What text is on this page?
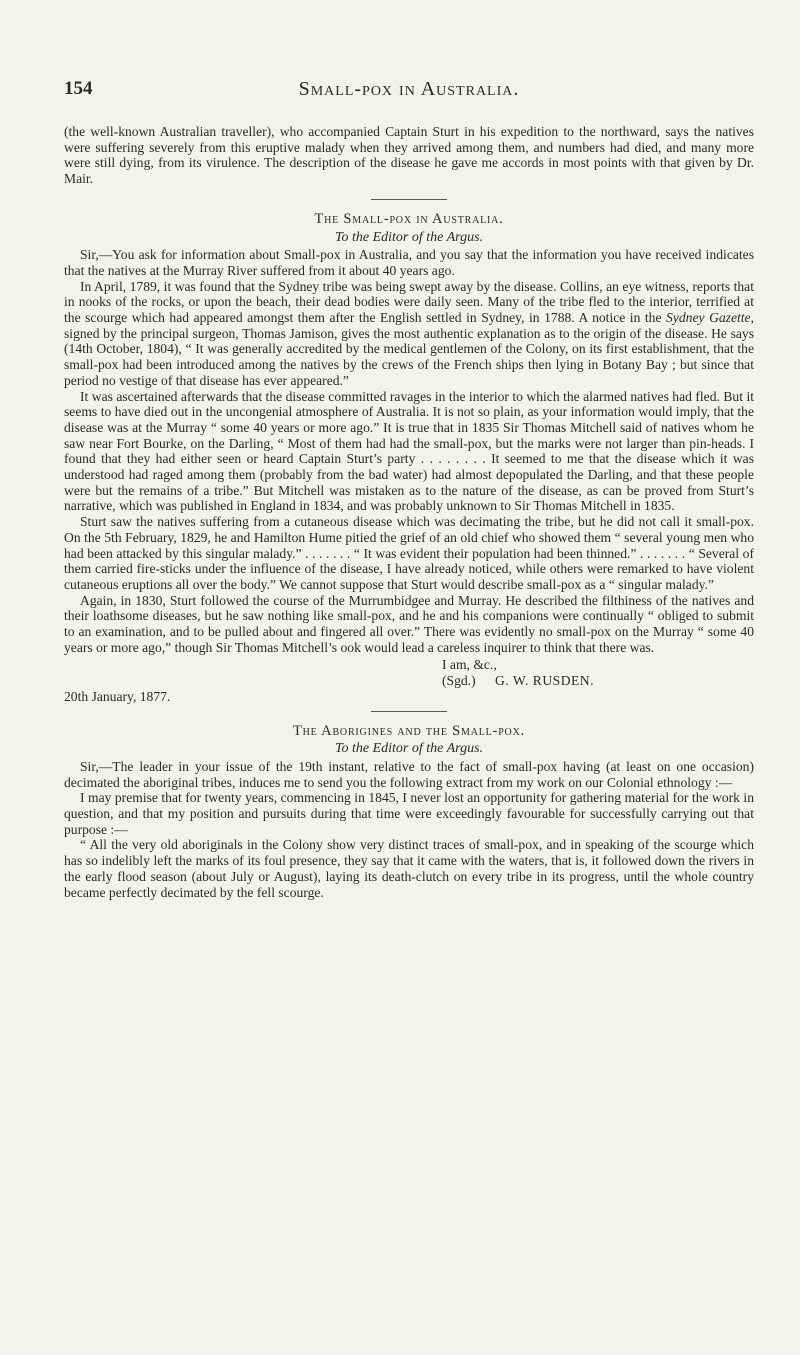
154	Small-pox in Australia.

(the well-known Australian traveller), who accompanied Captain Sturt in his expedition to the northward, says the natives were suffering severely from this eruptive malady when they arrived among them, and numbers had died, and many more were still dying, from its virulence. The description of the disease he gave me accords in most points with that given by Dr. Mair.

The Small-pox in Australia.
To the Editor of the Argus.

Sir,—You ask for information about Small-pox in Australia, and you say that the information you have received indicates that the natives at the Murray River suffered from it about 40 years ago.

In April, 1789, it was found that the Sydney tribe was being swept away by the disease. Collins, an eye witness, reports that in nooks of the rocks, or upon the beach, their dead bodies were daily seen. Many of the tribe fled to the interior, terrified at the scourge which had appeared amongst them after the English settled in Sydney, in 1788. A notice in the Sydney Gazette, signed by the principal surgeon, Thomas Jamison, gives the most authentic explanation as to the origin of the disease. He says (14th October, 1804), “ It was generally accredited by the medical gentlemen of the Colony, on its first establishment, that the small-pox had been introduced among the natives by the crews of the French ships then lying in Botany Bay ; but since that period no vestige of that disease has ever appeared.”

It was ascertained afterwards that the disease committed ravages in the interior to which the alarmed natives had fled. But it seems to have died out in the uncongenial atmosphere of Australia. It is not so plain, as your information would imply, that the disease was at the Murray “ some 40 years or more ago.” It is true that in 1835 Sir Thomas Mitchell said of natives whom he saw near Fort Bourke, on the Darling, “ Most of them had had the small-pox, but the marks were not larger than pin-heads. I found that they had either seen or heard Captain Sturt’s party . . . . . . . . It seemed to me that the disease which it was understood had raged among them (probably from the bad water) had almost depopulated the Darling, and that these people were but the remains of a tribe.” But Mitchell was mistaken as to the nature of the disease, as can be proved from Sturt’s narrative, which was published in England in 1834, and was probably unknown to Sir Thomas Mitchell in 1835.

Sturt saw the natives suffering from a cutaneous disease which was decimating the tribe, but he did not call it small-pox. On the 5th February, 1829, he and Hamilton Hume pitied the grief of an old chief who showed them “ several young men who had been attacked by this singular malady.” . . . . . . . “ It was evident their population had been thinned.” . . . . . . . “ Several of them carried fire-sticks under the influence of the disease, I have already noticed, while others were remarked to have violent cutaneous eruptions all over the body.” We cannot suppose that Sturt would describe small-pox as a “ singular malady.”

Again, in 1830, Sturt followed the course of the Murrumbidgee and Murray. He described the filthiness of the natives and their loathsome diseases, but he saw nothing like small-pox, and he and his companions were continually “ obliged to submit to an examination, and to be pulled about and fingered all over.” There was evidently no small-pox on the Murray “ some 40 years or more ago,” though Sir Thomas Mitchell’s ook would lead a careless inquirer to think that there was.

I am, &c.,
(Sgd.) G. W. RUSDEN.
20th January, 1877.
The Aborigines and the Small-pox.
To the Editor of the Argus.

Sir,—The leader in your issue of the 19th instant, relative to the fact of small-pox having (at least on one occasion) decimated the aboriginal tribes, induces me to send you the following extract from my work on our Colonial ethnology :—

I may premise that for twenty years, commencing in 1845, I never lost an opportunity for gathering material for the work in question, and that my position and pursuits during that time were exceedingly favourable for successfully carrying out that purpose :—

“ All the very old aboriginals in the Colony show very distinct traces of small-pox, and in speaking of the scourge which has so indelibly left the marks of its foul presence, they say that it came with the waters, that is, it followed down the rivers in the early flood season (about July or August), laying its death-clutch on every tribe in its progress, until the whole country became perfectly decimated by the fell scourge.
